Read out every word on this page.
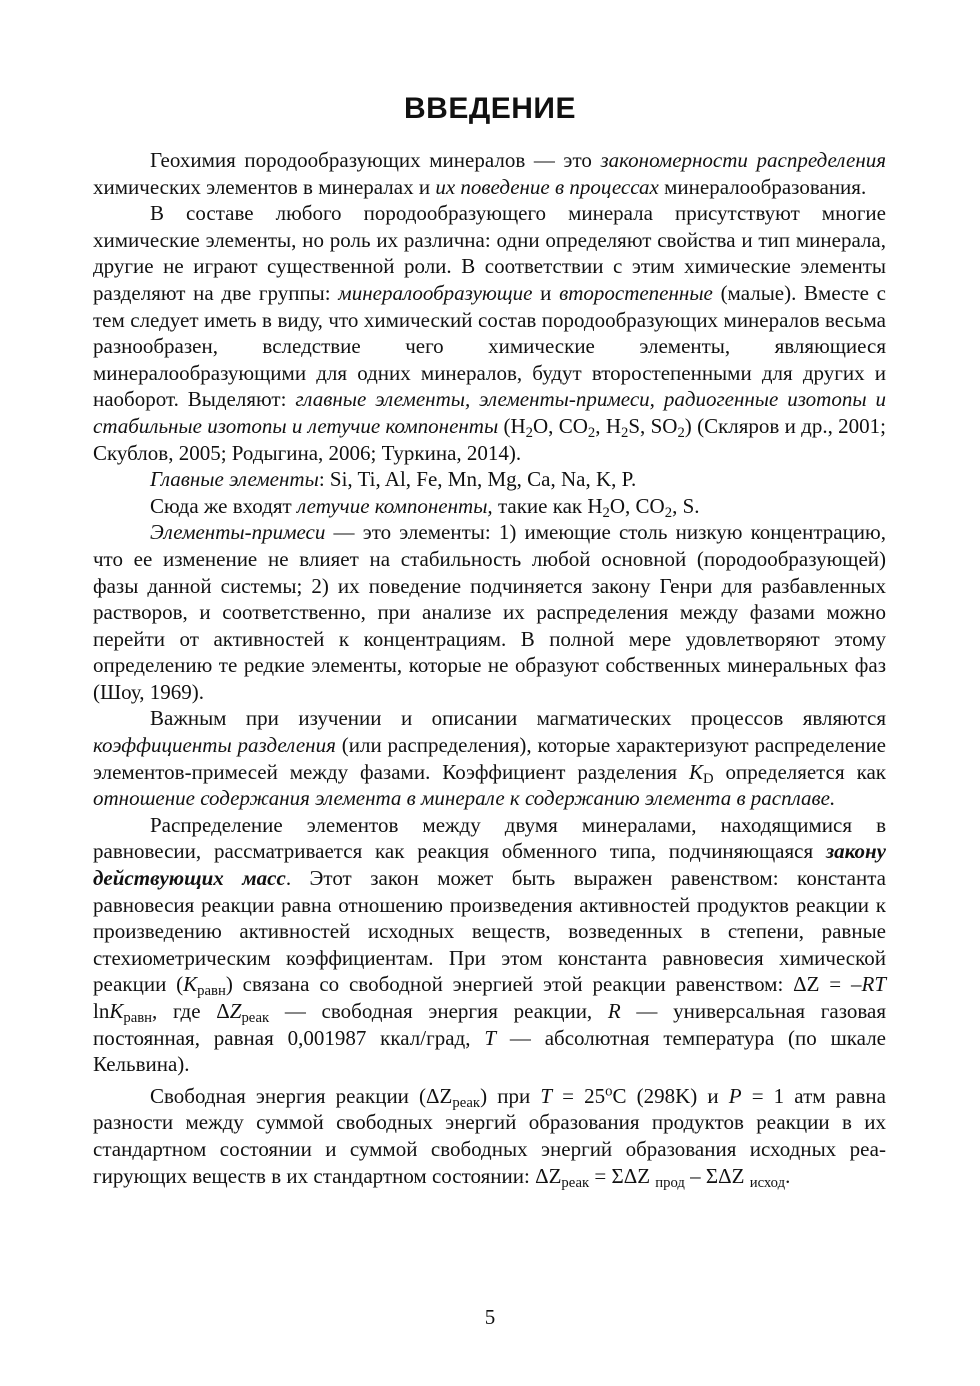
ВВЕДЕНИЕ

Геохимия породообразующих минералов — это закономерности распределения химических элементов в минералах и их поведение в процессах минералообразования.

В составе любого породообразующего минерала присутствуют многие химические элементы, но роль их различна: одни определяют свойства и тип минерала, другие не играют существенной роли. В соответствии с этим химические элементы разделяют на две группы: минералообразующие и второстепенные (малые). Вместе с тем следует иметь в виду, что химический состав породообразующих минералов весьма разнообразен, вследствие чего химические элементы, являющиеся минералообразующими для одних минералов, будут второстепенными для других и наоборот. Выделяют: главные элементы, элементы-примеси, радиогенные изотопы и стабильные изотопы и летучие компоненты ($H_2O$, $CO_2$, $H_2S$, $SO_2$) (Скляров и др., 2001; Скублов, 2005; Родыгина, 2006; Туркина, 2014).

Главные элементы: Si, Ti, Al, Fe, Mn, Mg, Ca, Na, K, P.

Сюда же входят летучие компоненты, такие как $H_2O$, $CO_2$, S.

Элементы-примеси — это элементы: 1) имеющие столь низкую концентрацию, что ее изменение не влияет на стабильность любой основной (породообразующей) фазы данной системы; 2) их поведение подчиняется закону Генри для разбавленных растворов, и соответственно, при анализе их распределения между фазами можно перейти от активностей к концентрациям. В полной мере удовлетворяют этому определению те редкие элементы, которые не образуют собственных минеральных фаз (Шоу, 1969).

Важным при изучении и описании магматических процессов являются коэффициенты разделения (или распределения), которые характеризуют распределение элементов-примесей между фазами. Коэффициент разделения $K_D$ определяется как отношение содержания элемента в минерале к содержанию элемента в расплаве.

Распределение элементов между двумя минералами, находящимися в равновесии, рассматривается как реакция обменного типа, подчиняющаяся закону действующих масс. Этот закон может быть выражен равенством: константа равновесия реакции равна отношению произведения активностей продуктов реакции к произведению активностей исходных веществ, возведенных в степени, равные стехиометрическим коэффициентам. При этом константа равновесия химической реакции $(K_{равн})$ связана со свободной энергией этой реакции равенством: ΔZ = –RT lnK$_{равн}$, где $\Delta Z_{реак}$ — свободная энергия реакции, R — универсальная газовая постоянная, равная 0,001987 ккал/град, T — абсолютная температура (по шкале Кельвина).

Свободная энергия реакции $(\Delta Z_{реак})$ при $T = 25^oС$ (298K) и P = 1 атм равна разности между суммой свободных энергий образования продуктов реакции в их стандартном состоянии и суммой свободных энергий образования исходных реагирующих веществ в их стандартном состоянии: $\Delta Z_{реак} = \Sigma\Delta Z$ $_{прод}$ – ΣΔZ $_{исход}$.

5
